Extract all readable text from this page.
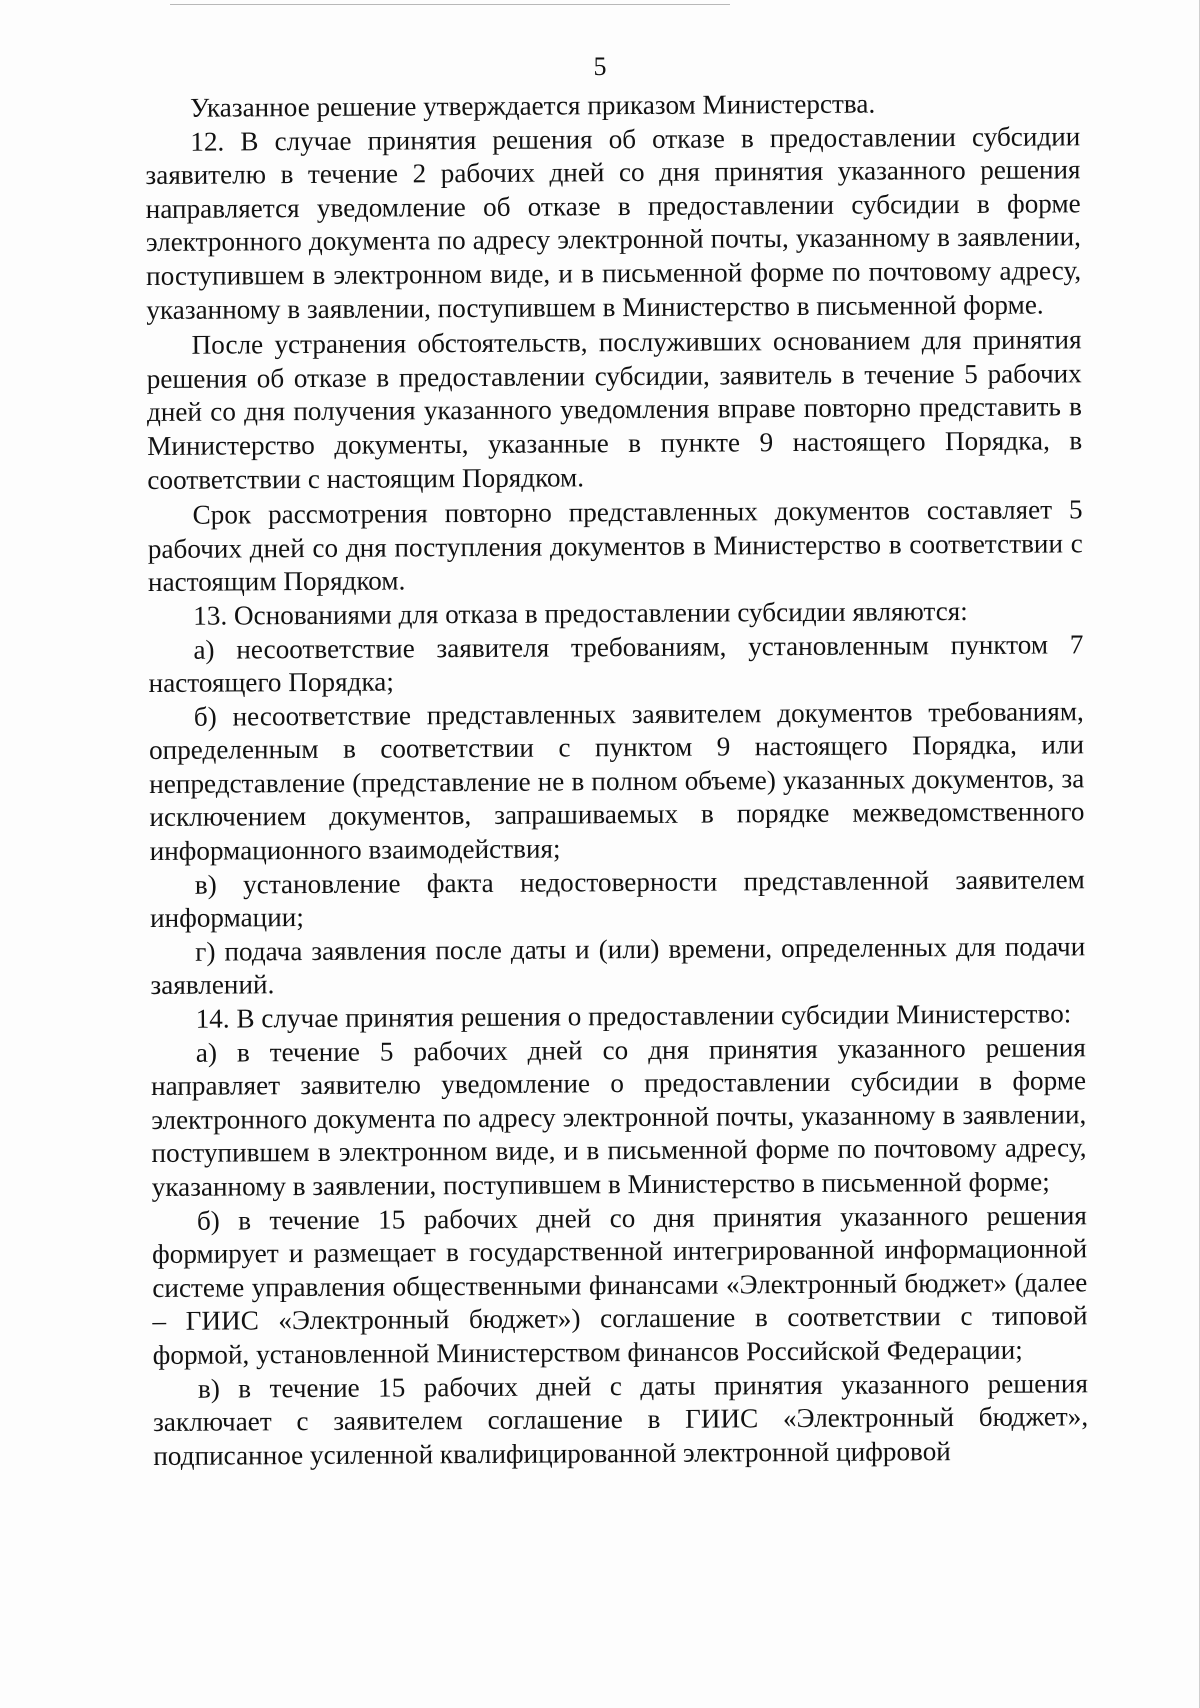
5

Указанное решение утверждается приказом Министерства.

12. В случае принятия решения об отказе в предоставлении субсидии заявителю в течение 2 рабочих дней со дня принятия указанного решения направляется уведомление об отказе в предоставлении субсидии в форме электронного документа по адресу электронной почты, указанному в заявлении, поступившем в электронном виде, и в письменной форме по почтовому адресу, указанному в заявлении, поступившем в Министерство в письменной форме.

После устранения обстоятельств, послуживших основанием для принятия решения об отказе в предоставлении субсидии, заявитель в течение 5 рабочих дней со дня получения указанного уведомления вправе повторно представить в Министерство документы, указанные в пункте 9 настоящего Порядка, в соответствии с настоящим Порядком.

Срок рассмотрения повторно представленных документов составляет 5 рабочих дней со дня поступления документов в Министерство в соответствии с настоящим Порядком.

13. Основаниями для отказа в предоставлении субсидии являются:

а) несоответствие заявителя требованиям, установленным пунктом 7 настоящего Порядка;

б) несоответствие представленных заявителем документов требованиям, определенным в соответствии с пунктом 9 настоящего Порядка, или непредставление (представление не в полном объеме) указанных документов, за исключением документов, запрашиваемых в порядке межведомственного информационного взаимодействия;

в) установление факта недостоверности представленной заявителем информации;

г) подача заявления после даты и (или) времени, определенных для подачи заявлений.

14. В случае принятия решения о предоставлении субсидии Министерство:

а) в течение 5 рабочих дней со дня принятия указанного решения направляет заявителю уведомление о предоставлении субсидии в форме электронного документа по адресу электронной почты, указанному в заявлении, поступившем в электронном виде, и в письменной форме по почтовому адресу, указанному в заявлении, поступившем в Министерство в письменной форме;

б) в течение 15 рабочих дней со дня принятия указанного решения формирует и размещает в государственной интегрированной информационной системе управления общественными финансами «Электронный бюджет» (далее – ГИИС «Электронный бюджет») соглашение в соответствии с типовой формой, установленной Министерством финансов Российской Федерации;

в) в течение 15 рабочих дней с даты принятия указанного решения заключает с заявителем соглашение в ГИИС «Электронный бюджет», подписанное усиленной квалифицированной электронной цифровой
